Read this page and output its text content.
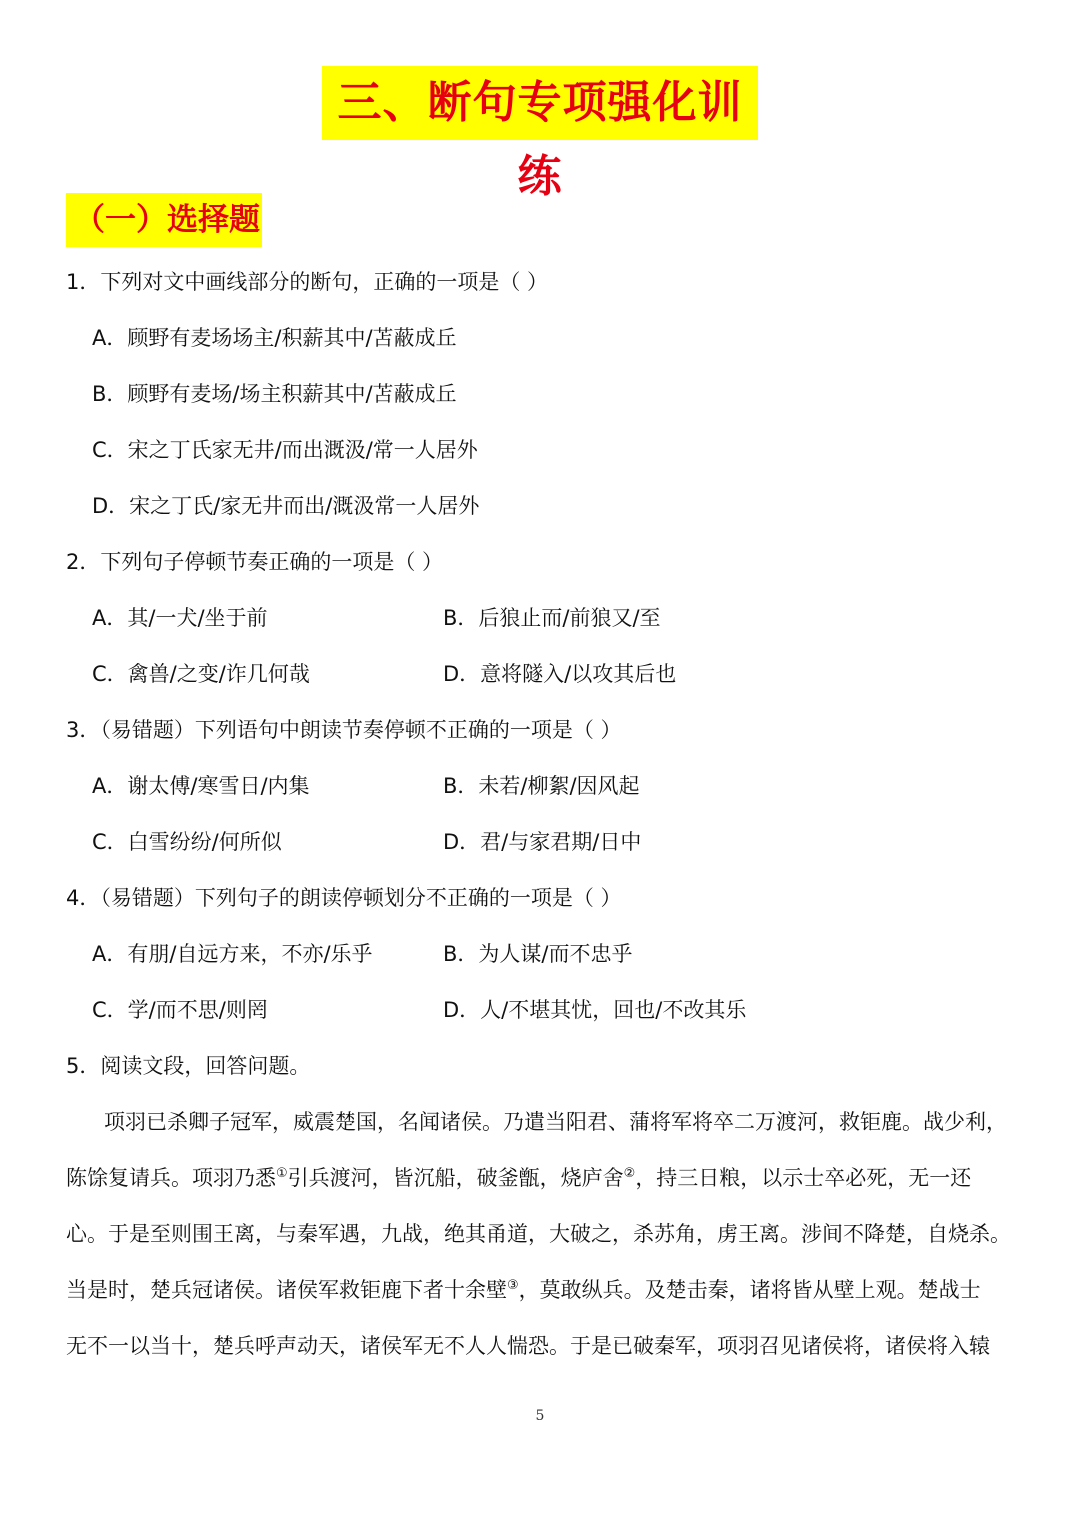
三、断句专项强化训练
（一）选择题
1．下列对文中画线部分的断句，正确的一项是（ ）
A．顾野有麦场场主/积薪其中/苫蔽成丘
B．顾野有麦场/场主积薪其中/苫蔽成丘
C．宋之丁氏家无井/而出溉汲/常一人居外
D．宋之丁氏/家无井而出/溉汲常一人居外
2．下列句子停顿节奏正确的一项是（ ）
A．其/一犬/坐于前	B．后狼止而/前狼又/至
C．禽兽/之变/诈几何哉	D．意将隧入/以攻其后也
3．（易错题）下列语句中朗读节奏停顿不正确的一项是（ ）
A．谢太傅/寒雪日/内集	B．未若/柳絮/因风起
C．白雪纷纷/何所似	D．君/与家君期/日中
4．（易错题）下列句子的朗读停顿划分不正确的一项是（ ）
A．有朋/自远方来，不亦/乐乎	B．为人谋/而不忠乎
C．学/而不思/则罔	D．人/不堪其忧，回也/不改其乐
5．阅读文段，回答问题。
项羽已杀卿子冠军，威震楚国，名闻诸侯。乃遣当阳君、蒲将军将卒二万渡河，救钜鹿。战少利，
陈馀复请兵。项羽乃悉①引兵渡河，皆沉船，破釜甑，烧庐舍②，持三日粮，以示士卒必死，无一还
心。于是至则围王离，与秦军遇，九战，绝其甬道，大破之，杀苏角，虏王离。涉间不降楚，自烧杀。
当是时，楚兵冠诸侯。诸侯军救钜鹿下者十余壁③，莫敢纵兵。及楚击秦，诸将皆从壁上观。楚战士
无不一以当十，楚兵呼声动天，诸侯军无不人人惴恐。于是已破秦军，项羽召见诸侯将，诸侯将入辕
5
